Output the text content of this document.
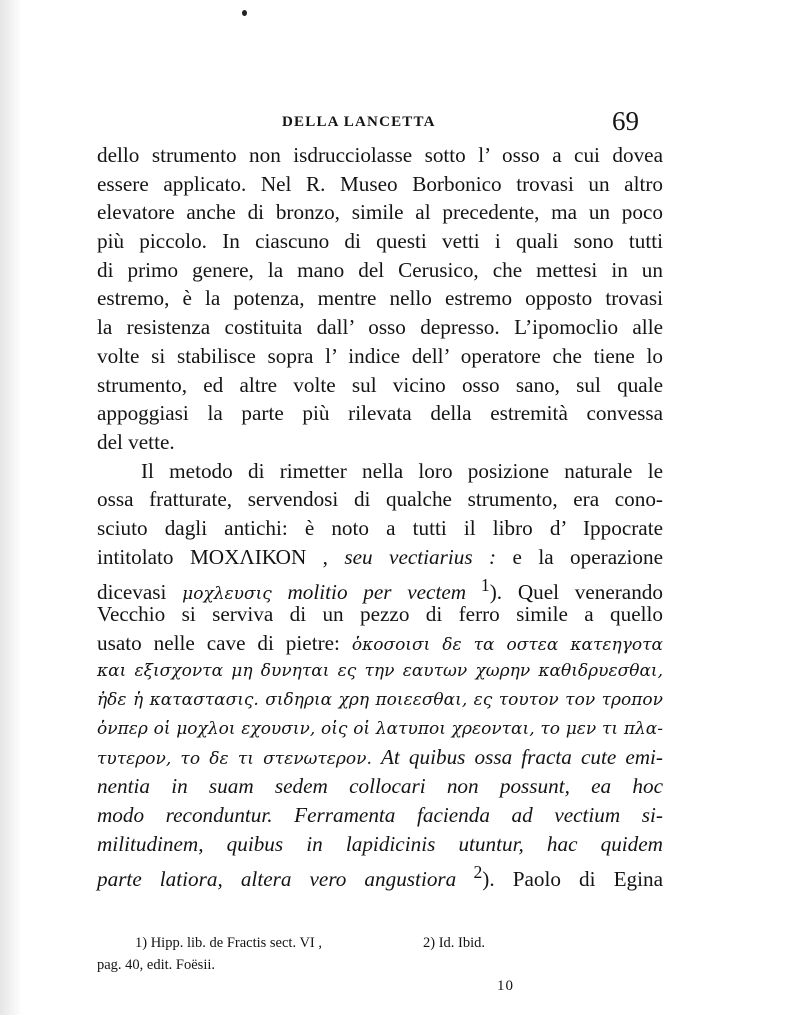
DELLA LANCETTA	69
dello strumento non isdrucciolasse sotto l’ osso a cui dovea
essere applicato. Nel R. Museo Borbonico trovasi un altro
elevatore anche di bronzo, simile al precedente, ma un poco
più piccolo. In ciascuno di questi vetti i quali sono tutti
di primo genere, la mano del Cerusico, che mettesi in un
estremo, è la potenza, mentre nello estremo opposto trovasi
la resistenza costituita dall’ osso depresso. L’ipomoclio alle
volte si stabilisce sopra l’ indice dell’ operatore che tiene lo
strumento, ed altre volte sul vicino osso sano, sul quale
appoggiasi la parte più rilevata della estremità convessa
del vette.
Il metodo di rimetter nella loro posizione naturale le
ossa fratturate, servendosi di qualche strumento, era cono-
sciuto dagli antichi: è noto a tutti il libro d’ Ippocrate
intitolato ΜΟΧΛΙΚΟΝ , seu vectiarius : e la operazione
dicevasi μοχλευσις molitio per vectem $^1$). Quel venerando
Vecchio si serviva di un pezzo di ferro simile a quello
usato nelle cave di pietre: ὁκοσοισι δε τα οστεα κατεηγοτα
και εξισχοντα μη δυνηται ες την εαυτων χωρην καθιδρυεσθαι,
ἠδε ἡ καταστασις. σιδηρια χρη ποιεεσθαι, ες τουτον τον τροπον
ὁνπερ οἱ μοχλοι εχουσιν, οἱς οἱ λατυποι χρεονται, το μεν τι πλα-
τυτερον, το δε τι στενωτερον. At quibus ossa fracta cute emi-
nentia in suam sedem collocari non possunt, ea hoc
modo reconduntur. Ferramenta facienda ad vectium si-
militudinem, quibus in lapidicinis utuntur, hac quidem
parte latiora, altera vero angustiora $^2$). Paolo di Egina
1) Hipp. lib. de Fractis sect. VI ,
pag. 40, edit. Foësii.
2) Id. Ibid.
10
